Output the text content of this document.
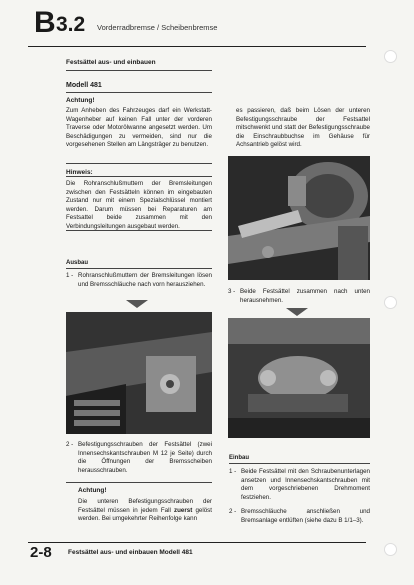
B 3.2 Vorderradbremse / Scheibenbremse
Festsättel aus- und einbauen
Modell 481
Achtung!
Zum Anheben des Fahrzeuges darf ein Werkstatt-Wagenheber auf keinen Fall unter der vorderen Traverse oder Motorölwanne angesetzt werden. Um Beschädigungen zu vermeiden, sind nur die vorgesehenen Stellen am Längsträger zu benutzen.
es passieren, daß beim Lösen der unteren Befestigungsschraube der Festsattel mitschwenkt und statt der Befestigungsschraube die Einschraubbuchse im Gehäuse für Achsantrieb gelöst wird.
Hinweis:
Die Rohranschlußmuttern der Bremsleitungen zwischen den Festsätteln können im eingebauten Zustand nur mit einem Spezialschlüssel montiert werden. Darum müssen bei Reparaturen am Festsattel beide zusammen mit den Verbindungsleitungen ausgebaut werden.
Ausbau
1 - Rohranschlußmuttern der Bremsleitungen lösen und Bremsschläuche nach vorn herausziehen.
3 - Beide Festsättel zusammen nach unten herausnehmen.
2 - Befestigungsschrauben der Festsättel (zwei Innensechskantschrauben M 12 je Seite) durch die Öffnungen der Bremsscheiben herausschrauben.
Achtung!
Die unteren Befestigungsschrauben der Festsättel müssen in jedem Fall zuerst gelöst werden. Bei umgekehrter Reihenfolge kann
Einbau
1 - Beide Festsättel mit den Schraubenunterlagen ansetzen und Innensechskantschrauben mit dem vorgeschriebenen Drehmoment festziehen.
2 - Bremsschläuche anschließen und Bremsanlage entlüften (siehe dazu B 1/1–3).
2-8	Festsättel aus- und einbauen Modell 481
